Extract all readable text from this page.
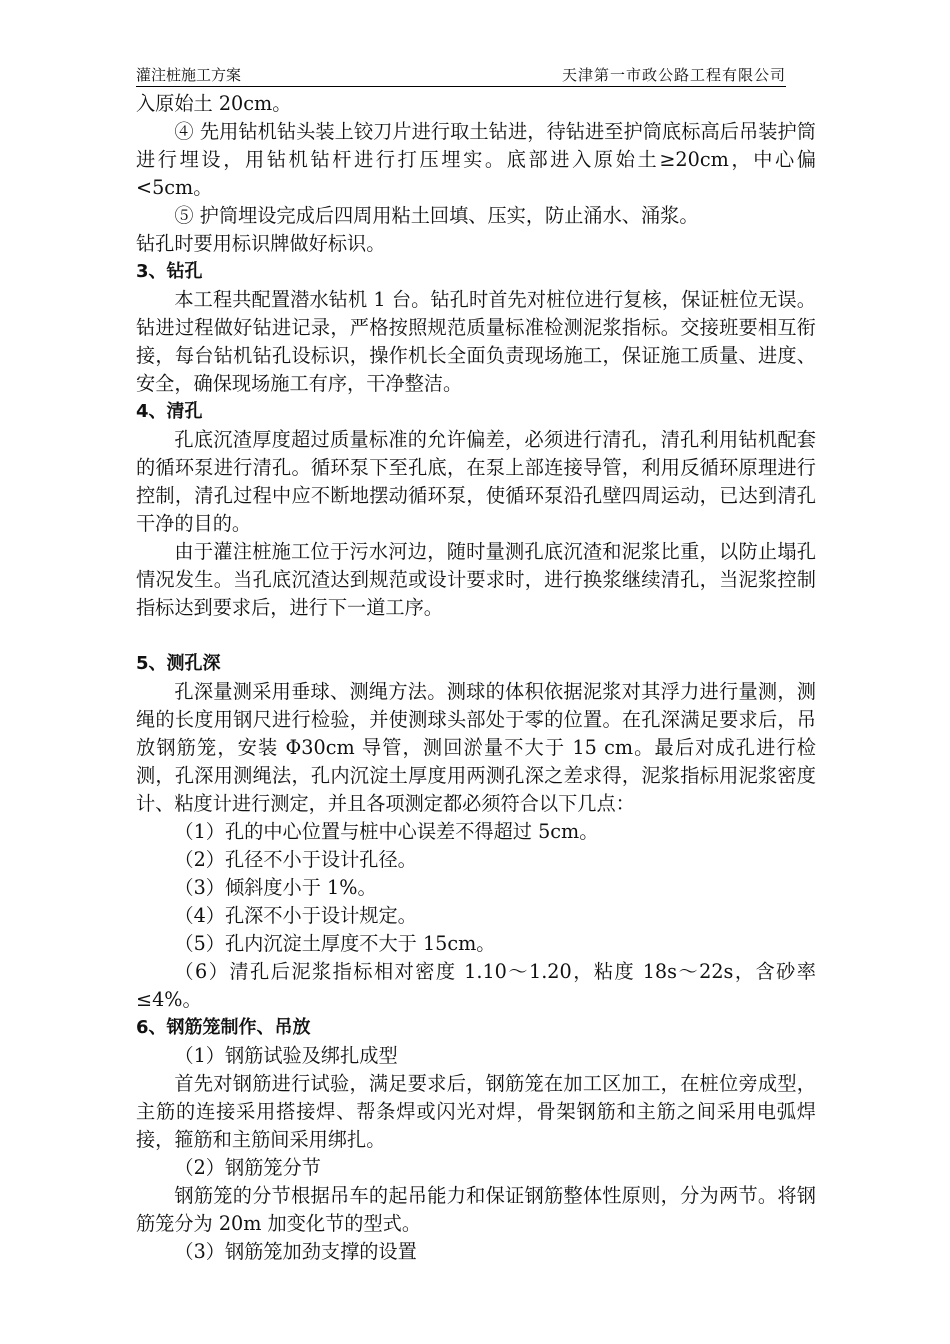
灌注桩施工方案	天津第一市政公路工程有限公司

入原始土 20cm。

④ 先用钻机钻头装上铰刀片进行取土钻进，待钻进至护筒底标高后吊装护筒进行埋设，用钻机钻杆进行打压埋实。底部进入原始土≥20cm，中心偏<5cm。

⑤ 护筒埋设完成后四周用粘土回填、压实，防止涌水、涌浆。

钻孔时要用标识牌做好标识。

3、钻孔

本工程共配置潜水钻机 1 台。钻孔时首先对桩位进行复核，保证桩位无误。钻进过程做好钻进记录，严格按照规范质量标准检测泥浆指标。交接班要相互衔接，每台钻机钻孔设标识，操作机长全面负责现场施工，保证施工质量、进度、安全，确保现场施工有序，干净整洁。

4、清孔

孔底沉渣厚度超过质量标准的允许偏差，必须进行清孔，清孔利用钻机配套的循环泵进行清孔。循环泵下至孔底，在泵上部连接导管，利用反循环原理进行控制，清孔过程中应不断地摆动循环泵，使循环泵沿孔壁四周运动，已达到清孔干净的目的。

由于灌注桩施工位于污水河边，随时量测孔底沉渣和泥浆比重，以防止塌孔情况发生。当孔底沉渣达到规范或设计要求时，进行换浆继续清孔，当泥浆控制指标达到要求后，进行下一道工序。

5、测孔深

孔深量测采用垂球、测绳方法。测球的体积依据泥浆对其浮力进行量测，测绳的长度用钢尺进行检验，并使测球头部处于零的位置。在孔深满足要求后，吊放钢筋笼，安装 Φ30cm 导管，测回淤量不大于 15 cm。最后对成孔进行检测，孔深用测绳法，孔内沉淀土厚度用两测孔深之差求得，泥浆指标用泥浆密度计、粘度计进行测定，并且各项测定都必须符合以下几点：

（1）孔的中心位置与桩中心误差不得超过 5cm。

（2）孔径不小于设计孔径。

（3）倾斜度小于 1%。

（4）孔深不小于设计规定。

（5）孔内沉淀土厚度不大于 15cm。

（6）清孔后泥浆指标相对密度 1.10～1.20，粘度 18s～22s，含砂率≤4%。

6、钢筋笼制作、吊放

（1）钢筋试验及绑扎成型

首先对钢筋进行试验，满足要求后，钢筋笼在加工区加工，在桩位旁成型，主筋的连接采用搭接焊、帮条焊或闪光对焊，骨架钢筋和主筋之间采用电弧焊接，箍筋和主筋间采用绑扎。

（2）钢筋笼分节

钢筋笼的分节根据吊车的起吊能力和保证钢筋整体性原则，分为两节。将钢筋笼分为 20m 加变化节的型式。

（3）钢筋笼加劲支撑的设置
